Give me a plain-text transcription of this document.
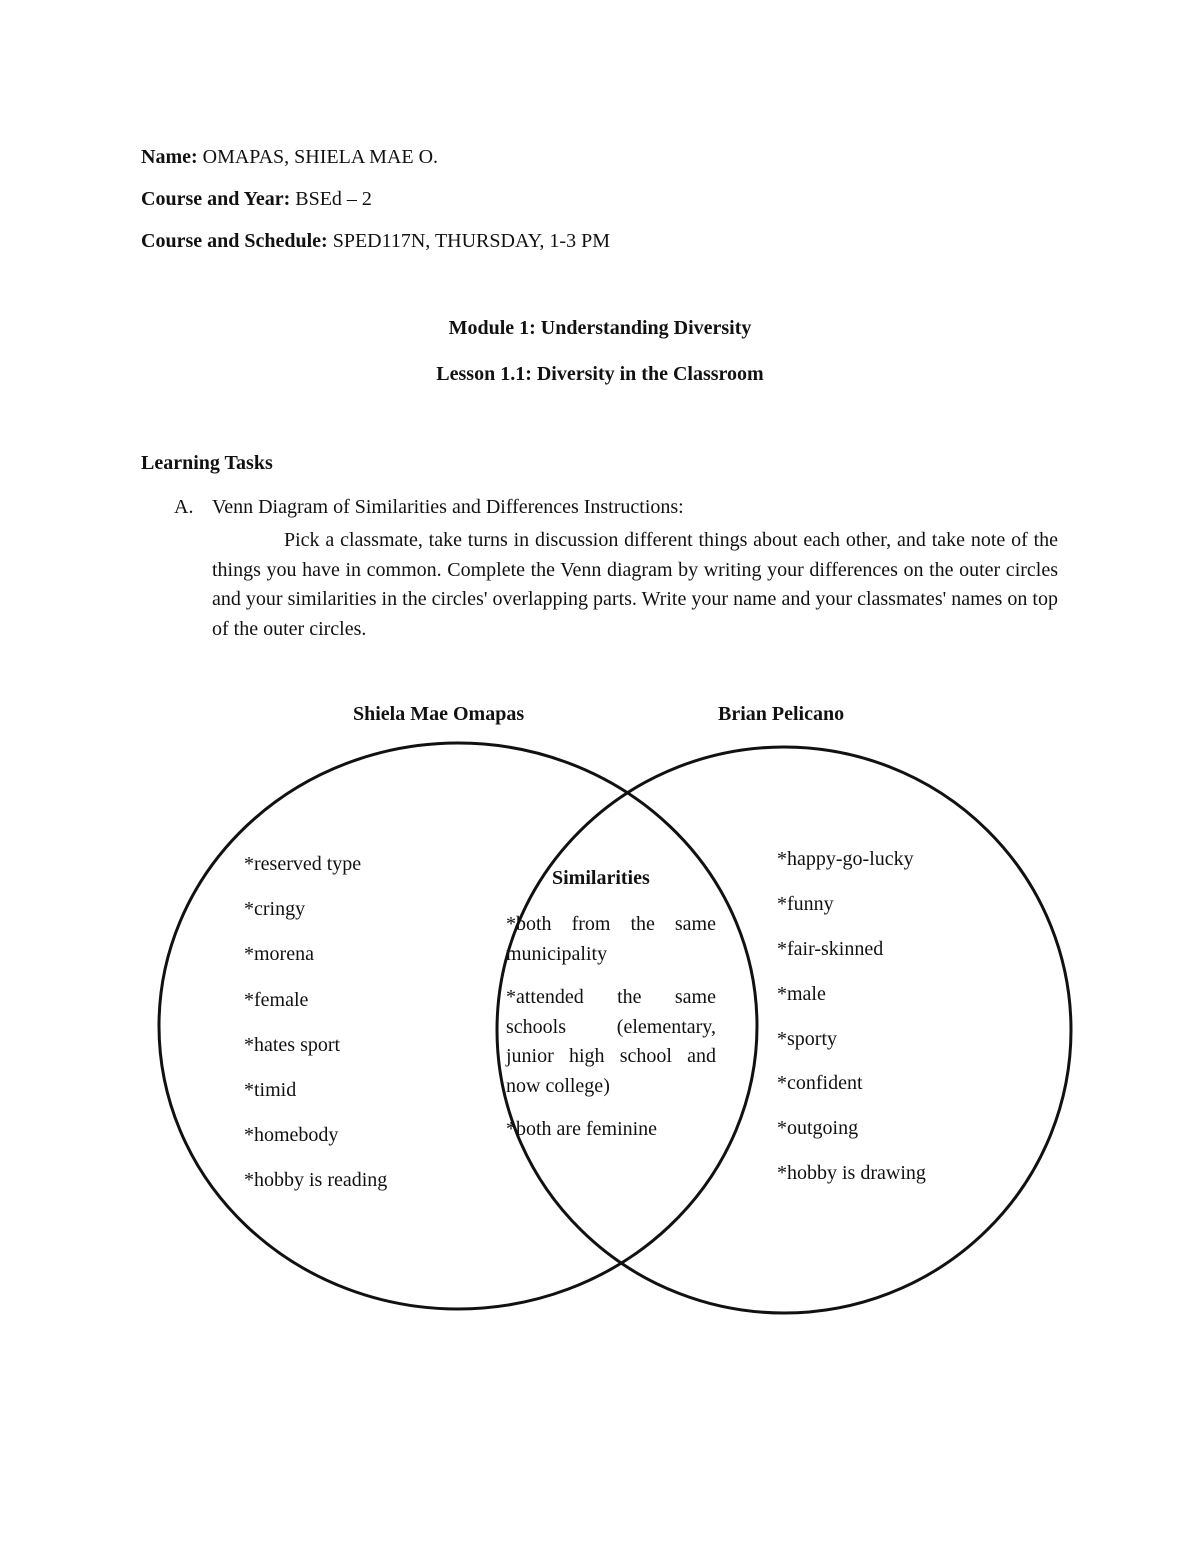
Name: OMAPAS, SHIELA MAE O.
Course and Year: BSEd – 2
Course and Schedule: SPED117N, THURSDAY, 1-3 PM
Module 1: Understanding Diversity
Lesson 1.1: Diversity in the Classroom
Learning Tasks
A. Venn Diagram of Similarities and Differences Instructions:

Pick a classmate, take turns in discussion different things about each other, and take note of the things you have in common. Complete the Venn diagram by writing your differences on the outer circles and your similarities in the circles' overlapping parts. Write your name and your classmates' names on top of the outer circles.

Shiela Mae Omapas	Brian Pelicano
*reserved type
*cringy
*morena
*female
*hates sport
*timid
*homebody
*hobby is reading
Similarities
*both from the same municipality
*attended the same schools (elementary, junior high school and now college)
*both are feminine
*happy-go-lucky
*funny
*fair-skinned
*male
*sporty
*confident
*outgoing
*hobby is drawing
